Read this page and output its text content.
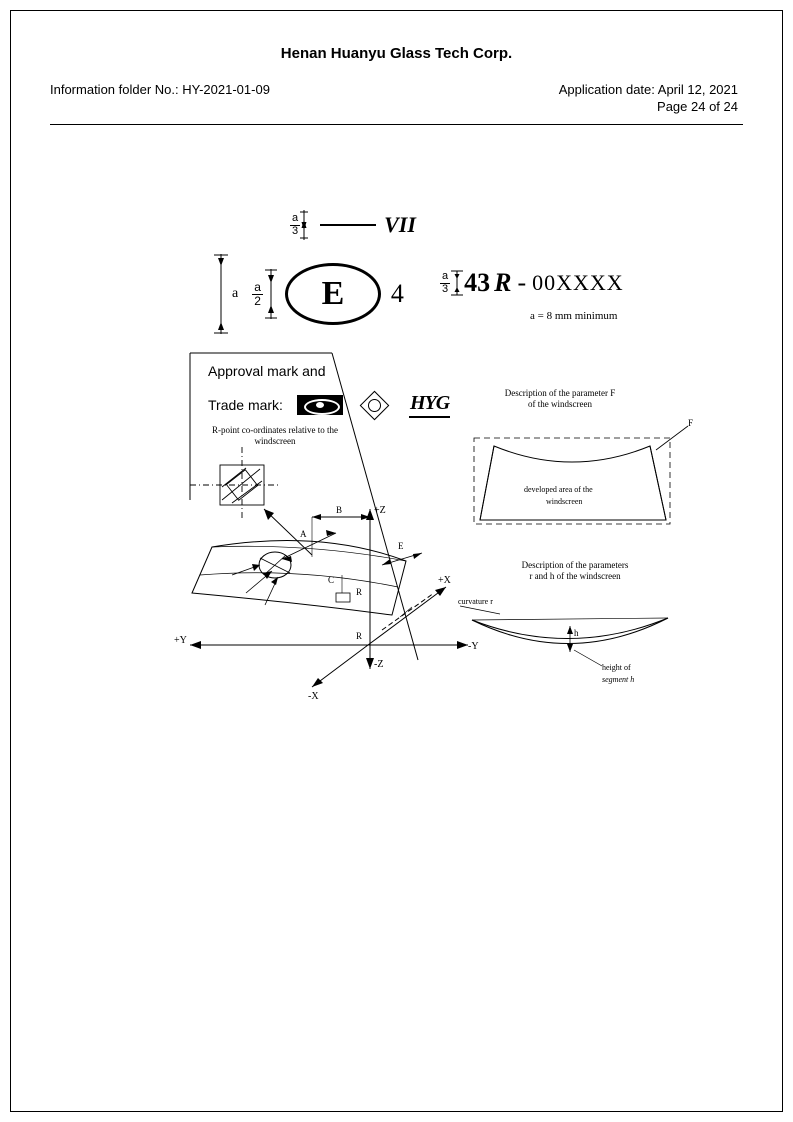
Henan Huanyu Glass Tech Corp.
Information folder No.: HY-2021-01-09	Application date: April 12, 2021
Page 24 of 24
$\frac{a}{3}$	VII
a $\frac{a}{2}$ E 4	$\frac{a}{3} 43$ R - 00XXXX
a = 8 mm minimum
Approval mark and
Trade mark:	HYG
R-point co-ordinates relative to the
windscreen
A
B	+Z
E
C	+X
-X
+Y
-Y
-Z
R
R
Description of the parameter F
of the windscreen
F
developed area of the
windscreen
Description of the parameters
r and h of the windscreen
curvature r
h
height of
segment h
